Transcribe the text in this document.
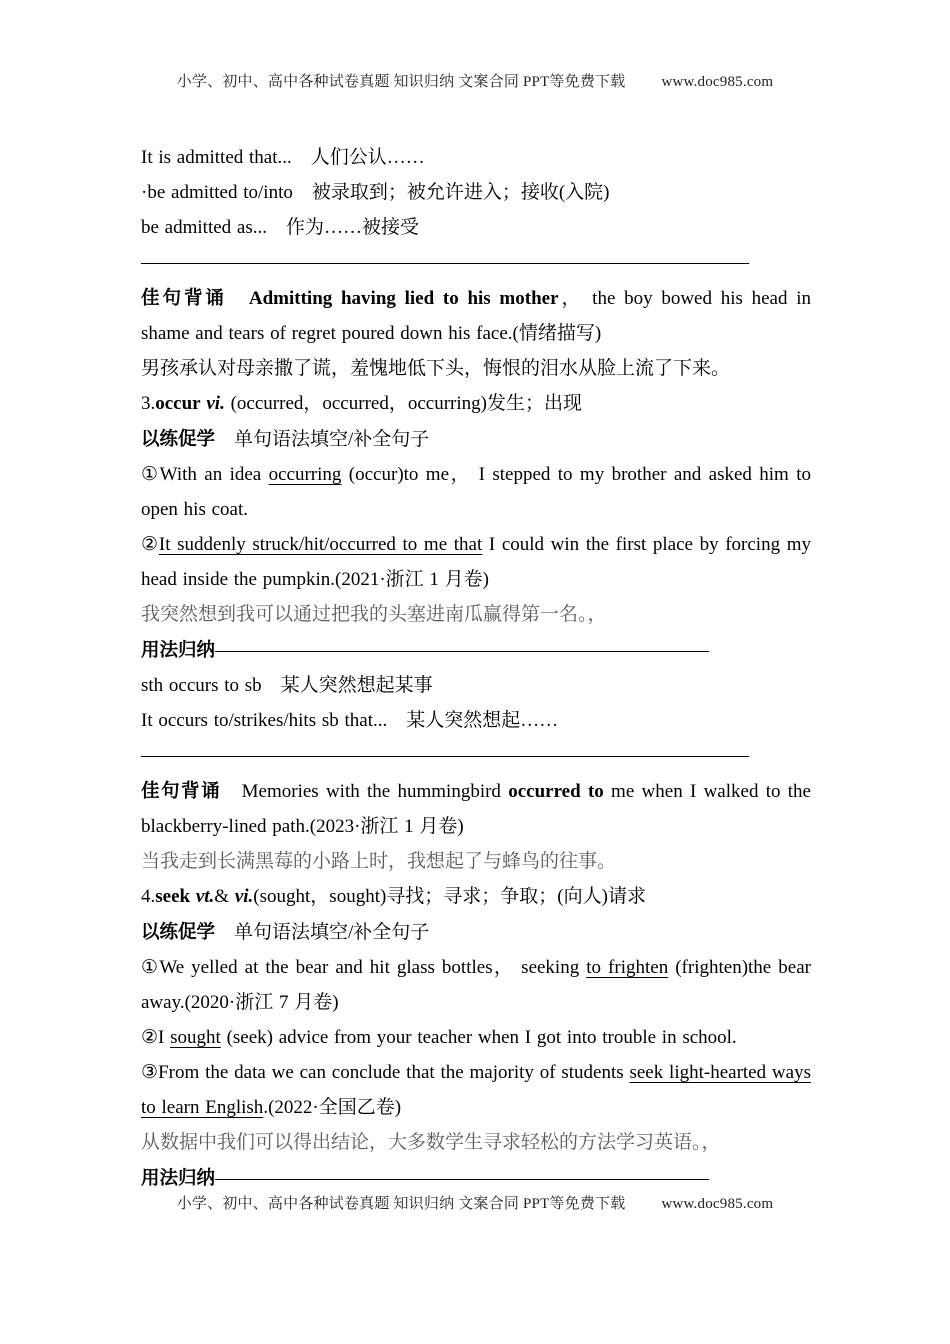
小学、初中、高中各种试卷真题 知识归纳 文案合同 PPT等免费下载 www.doc985.com

It is admitted that...　人们公认……

·be admitted to/into　被录取到；被允许进入；接收(入院)

be admitted as...　作为……被接受

————————————————————————————————

佳句背诵　 Admitting having lied to his mother， the boy bowed his head in shame and tears of regret poured down his face.(情绪描写)

男孩承认对母亲撒了谎，羞愧地低下头，悔恨的泪水从脸上流了下来。

3.occur vi. (occurred，occurred，occurring)发生；出现

以练促学　单句语法填空/补全句子

①With an idea occurring (occur)to me， I stepped to my brother and asked him to open his coat.

②It suddenly struck/hit/occurred to me that I could win the first place by forcing my head inside the pumpkin.(2021·浙江 1 月卷)

我突然想到我可以通过把我的头塞进南瓜赢得第一名。，

用法归纳——————————————————————————

sth occurs to sb　某人突然想起某事

It occurs to/strikes/hits sb that...　某人突然想起……

————————————————————————————————

佳句背诵　Memories with the hummingbird occurred to me when I walked to the blackberry-lined path.(2023·浙江 1 月卷)

当我走到长满黑莓的小路上时，我想起了与蜂鸟的往事。

4.seek vt.& vi.(sought，sought)寻找；寻求；争取；(向人)请求

以练促学　单句语法填空/补全句子

①We yelled at the bear and hit glass bottles， seeking to frighten (frighten)the bear away.(2020·浙江 7 月卷)

②I sought (seek) advice from your teacher when I got into trouble in school.

③From the data we can conclude that the majority of students seek light-hearted ways to learn English.(2022·全国乙卷)

从数据中我们可以得出结论，大多数学生寻求轻松的方法学习英语。，

用法归纳——————————————————————————

小学、初中、高中各种试卷真题 知识归纳 文案合同 PPT等免费下载 www.doc985.com
